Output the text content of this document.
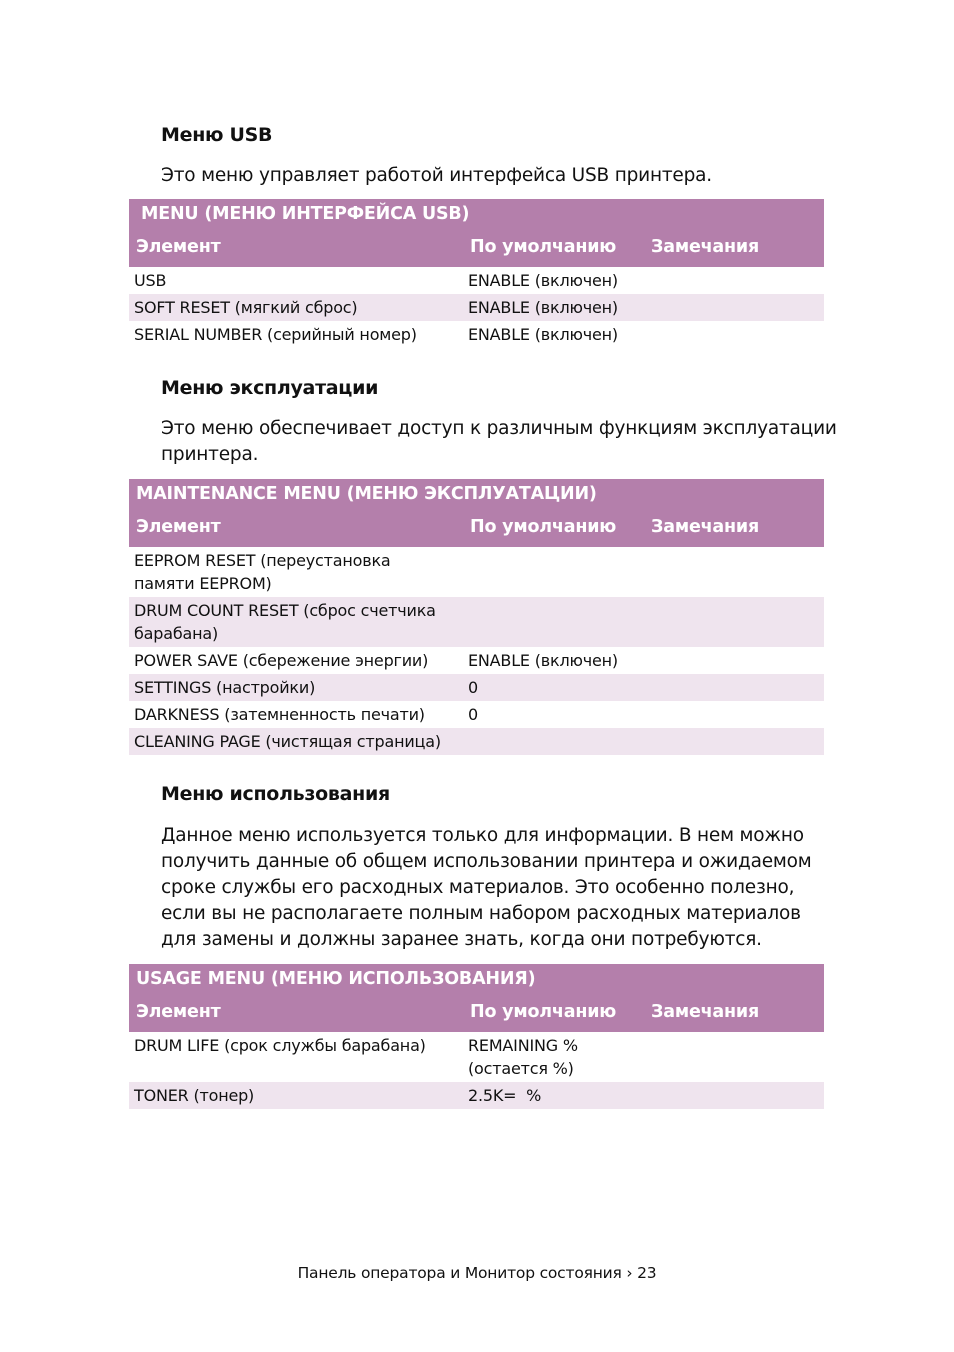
Меню USB
Это меню управляет работой интерфейса USB принтера.
MENU (МЕНЮ ИНТЕРФЕЙСА USB)
Элемент	По умолчанию Замечания
USB	ENABLE (включен)
SOFT RESET (мягкий сброс)	ENABLE (включен)
SERIAL NUMBER (серийный номер)	ENABLE (включен)
Меню эксплуатации
Это меню обеспечивает доступ к различным функциям эксплуатации принтера.
MAINTENANCE MENU (МЕНЮ ЭКСПЛУАТАЦИИ)
Элемент	По умолчанию Замечания
EEPROM RESET (переустановка памяти EEPROM)
DRUM COUNT RESET (сброс счетчика барабана)
POWER SAVE (сбережение энергии)	ENABLE (включен)
SETTINGS (настройки)	0
DARKNESS (затемненность печати)	0
CLEANING PAGE (чистящая страница)
Меню использования
Данное меню используется только для информации. В нем можно получить данные об общем использовании принтера и ожидаемом сроке службы его расходных материалов. Это особенно полезно, если вы не располагаете полным набором расходных материалов для замены и должны заранее знать, когда они потребуются.
USAGE MENU (МЕНЮ ИСПОЛЬЗОВАНИЯ)
Элемент	По умолчанию Замечания
DRUM LIFE (срок службы барабана)	REMAINING % (остается %)
TONER (тонер)	2.5K=  %
Панель оператора и Монитор состояния › 23
